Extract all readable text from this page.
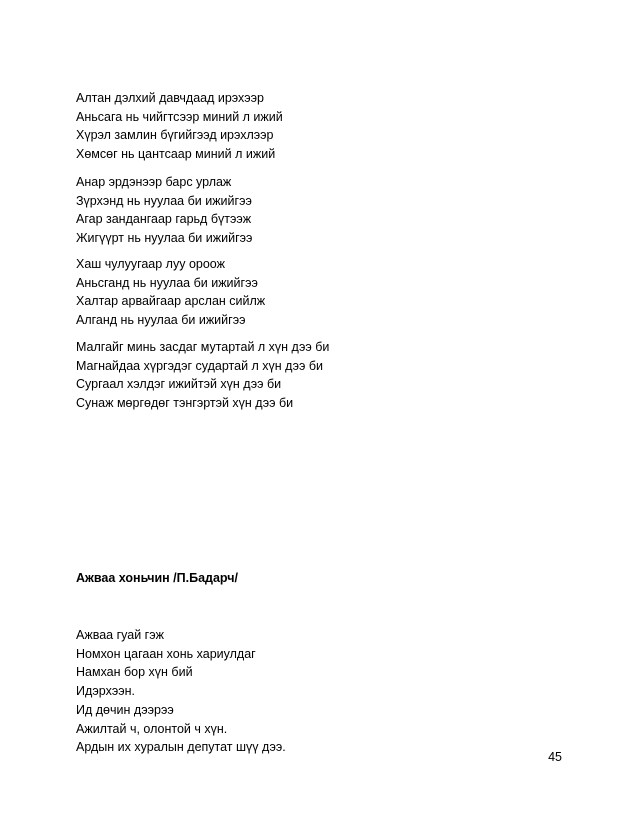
Алтан дэлхий давчдаад ирэхээр
Аньсага нь чийгтсээр миний л ижий
Хүрэл замлин бүгийгээд ирэхлээр
Хөмсөг нь цантсаар миний л ижий
Анар эрдэнээр барс урлаж
Зүрхэнд нь нуулаа би ижийгээ
Агар зандангаар гарьд бүтээж
Жигүүрт нь нуулаа би ижийгээ
Хаш чулуугаар луу ороож
Аньсганд нь нуулаа би ижийгээ
Халтар арвайгаар арслан сийлж
Алганд нь нуулаа би ижийгээ
Малгайг минь засдаг мутартай л хүн дээ би
Магнайдаа хүргэдэг судартай л хүн дээ би
Сургаал хэлдэг ижийтэй хүн дээ би
Сунаж мөргөдөг тэнгэртэй хүн дээ би
Ажваа хоньчин /П.Бадарч/
Ажваа гуай гэж
Номхон цагаан хонь хариулдаг
Намхан бор хүн бий
Идэрхээн.
Ид дөчин дээрээ
Ажилтай ч, олонтой ч хүн.
Ардын их хуралын депутат шүү дээ.
45
